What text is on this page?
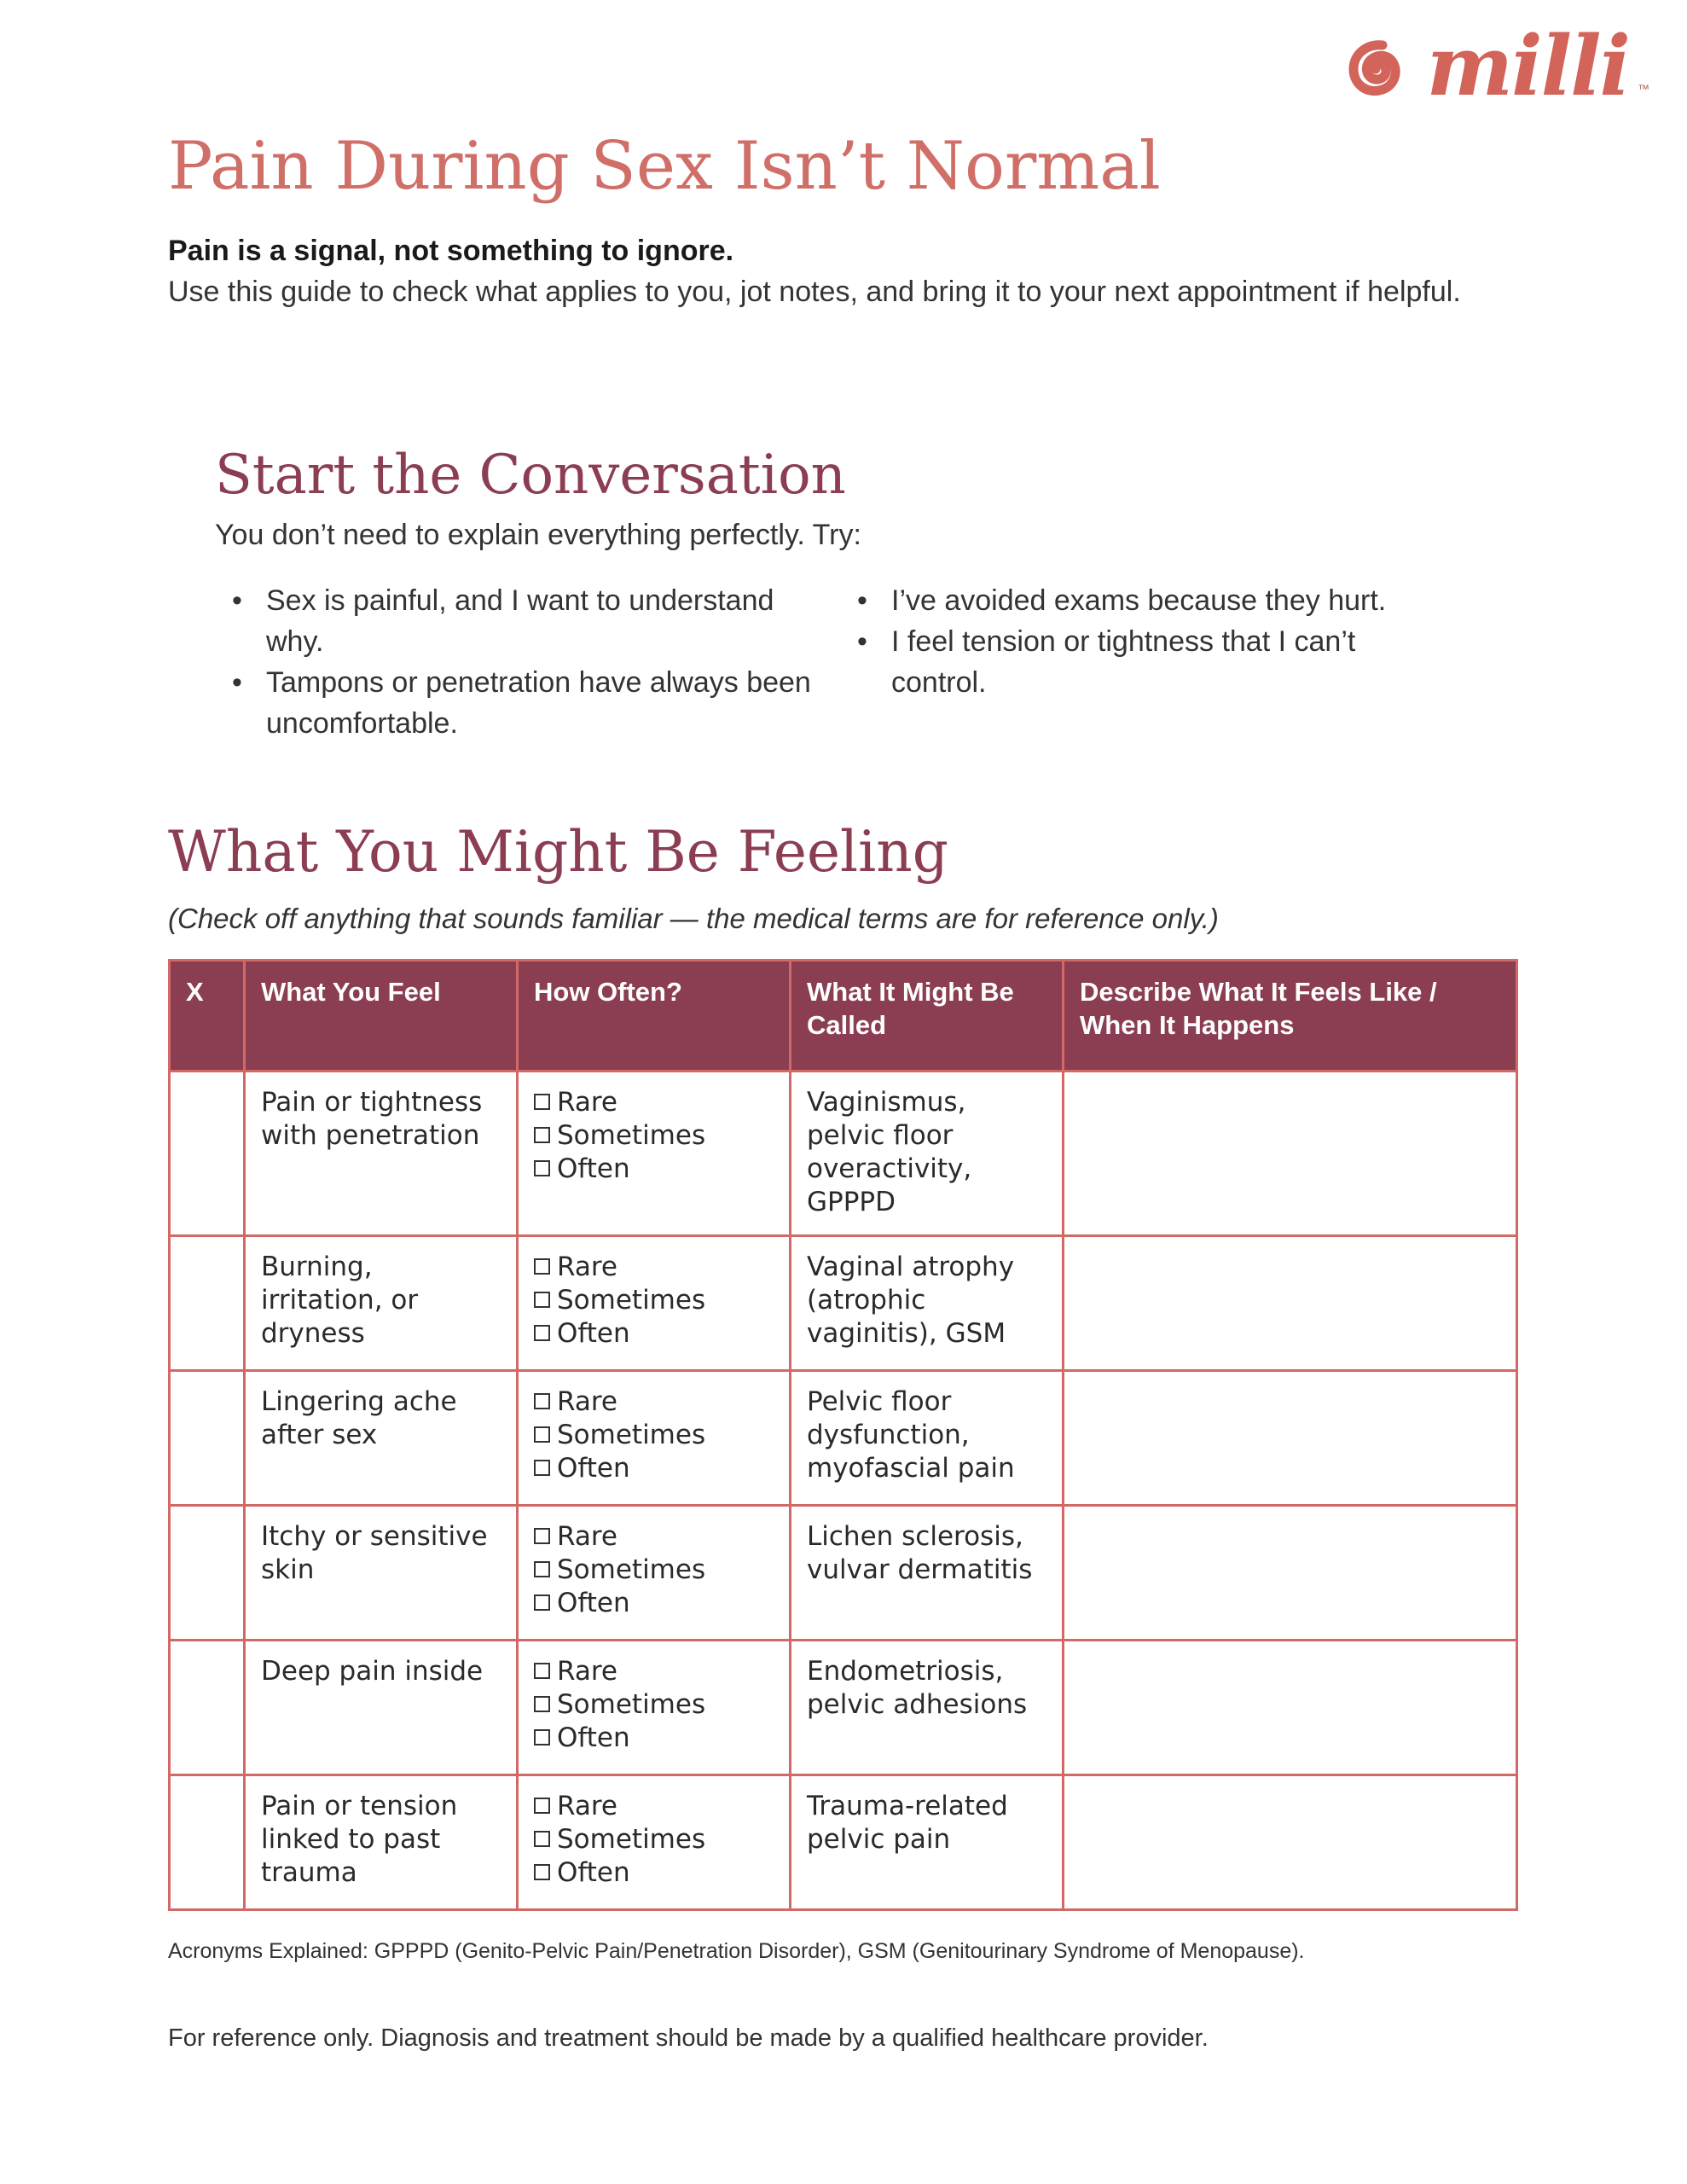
milli ™
Pain During Sex Isn’t Normal
Pain is a signal, not something to ignore.
Use this guide to check what applies to you, jot notes, and bring it to your next appointment if helpful.
Start the Conversation
You don’t need to explain everything perfectly. Try:
• Sex is painful, and I want to understand why.
• Tampons or penetration have always been uncomfortable.
• I’ve avoided exams because they hurt.
• I feel tension or tightness that I can’t control.
What You Might Be Feeling
(Check off anything that sounds familiar — the medical terms are for reference only.)
X	What You Feel	How Often?	What It Might Be Called	Describe What It Feels Like / When It Happens
	Pain or tightness with penetration	Rare
Sometimes
Often	Vaginismus, pelvic floor overactivity, GPPPD	
	Burning, irritation, or dryness	Rare
Sometimes
Often	Vaginal atrophy (atrophic vaginitis), GSM	
	Lingering ache after sex	Rare
Sometimes
Often	Pelvic floor dysfunction, myofascial pain	
	Itchy or sensitive skin	Rare
Sometimes
Often	Lichen sclerosis, vulvar dermatitis	
	Deep pain inside	Rare
Sometimes
Often	Endometriosis, pelvic adhesions	
	Pain or tension linked to past trauma	Rare
Sometimes
Often	Trauma-related pelvic pain	
Acronyms Explained: GPPPD (Genito-Pelvic Pain/Penetration Disorder), GSM (Genitourinary Syndrome of Menopause).
For reference only. Diagnosis and treatment should be made by a qualified healthcare provider.
